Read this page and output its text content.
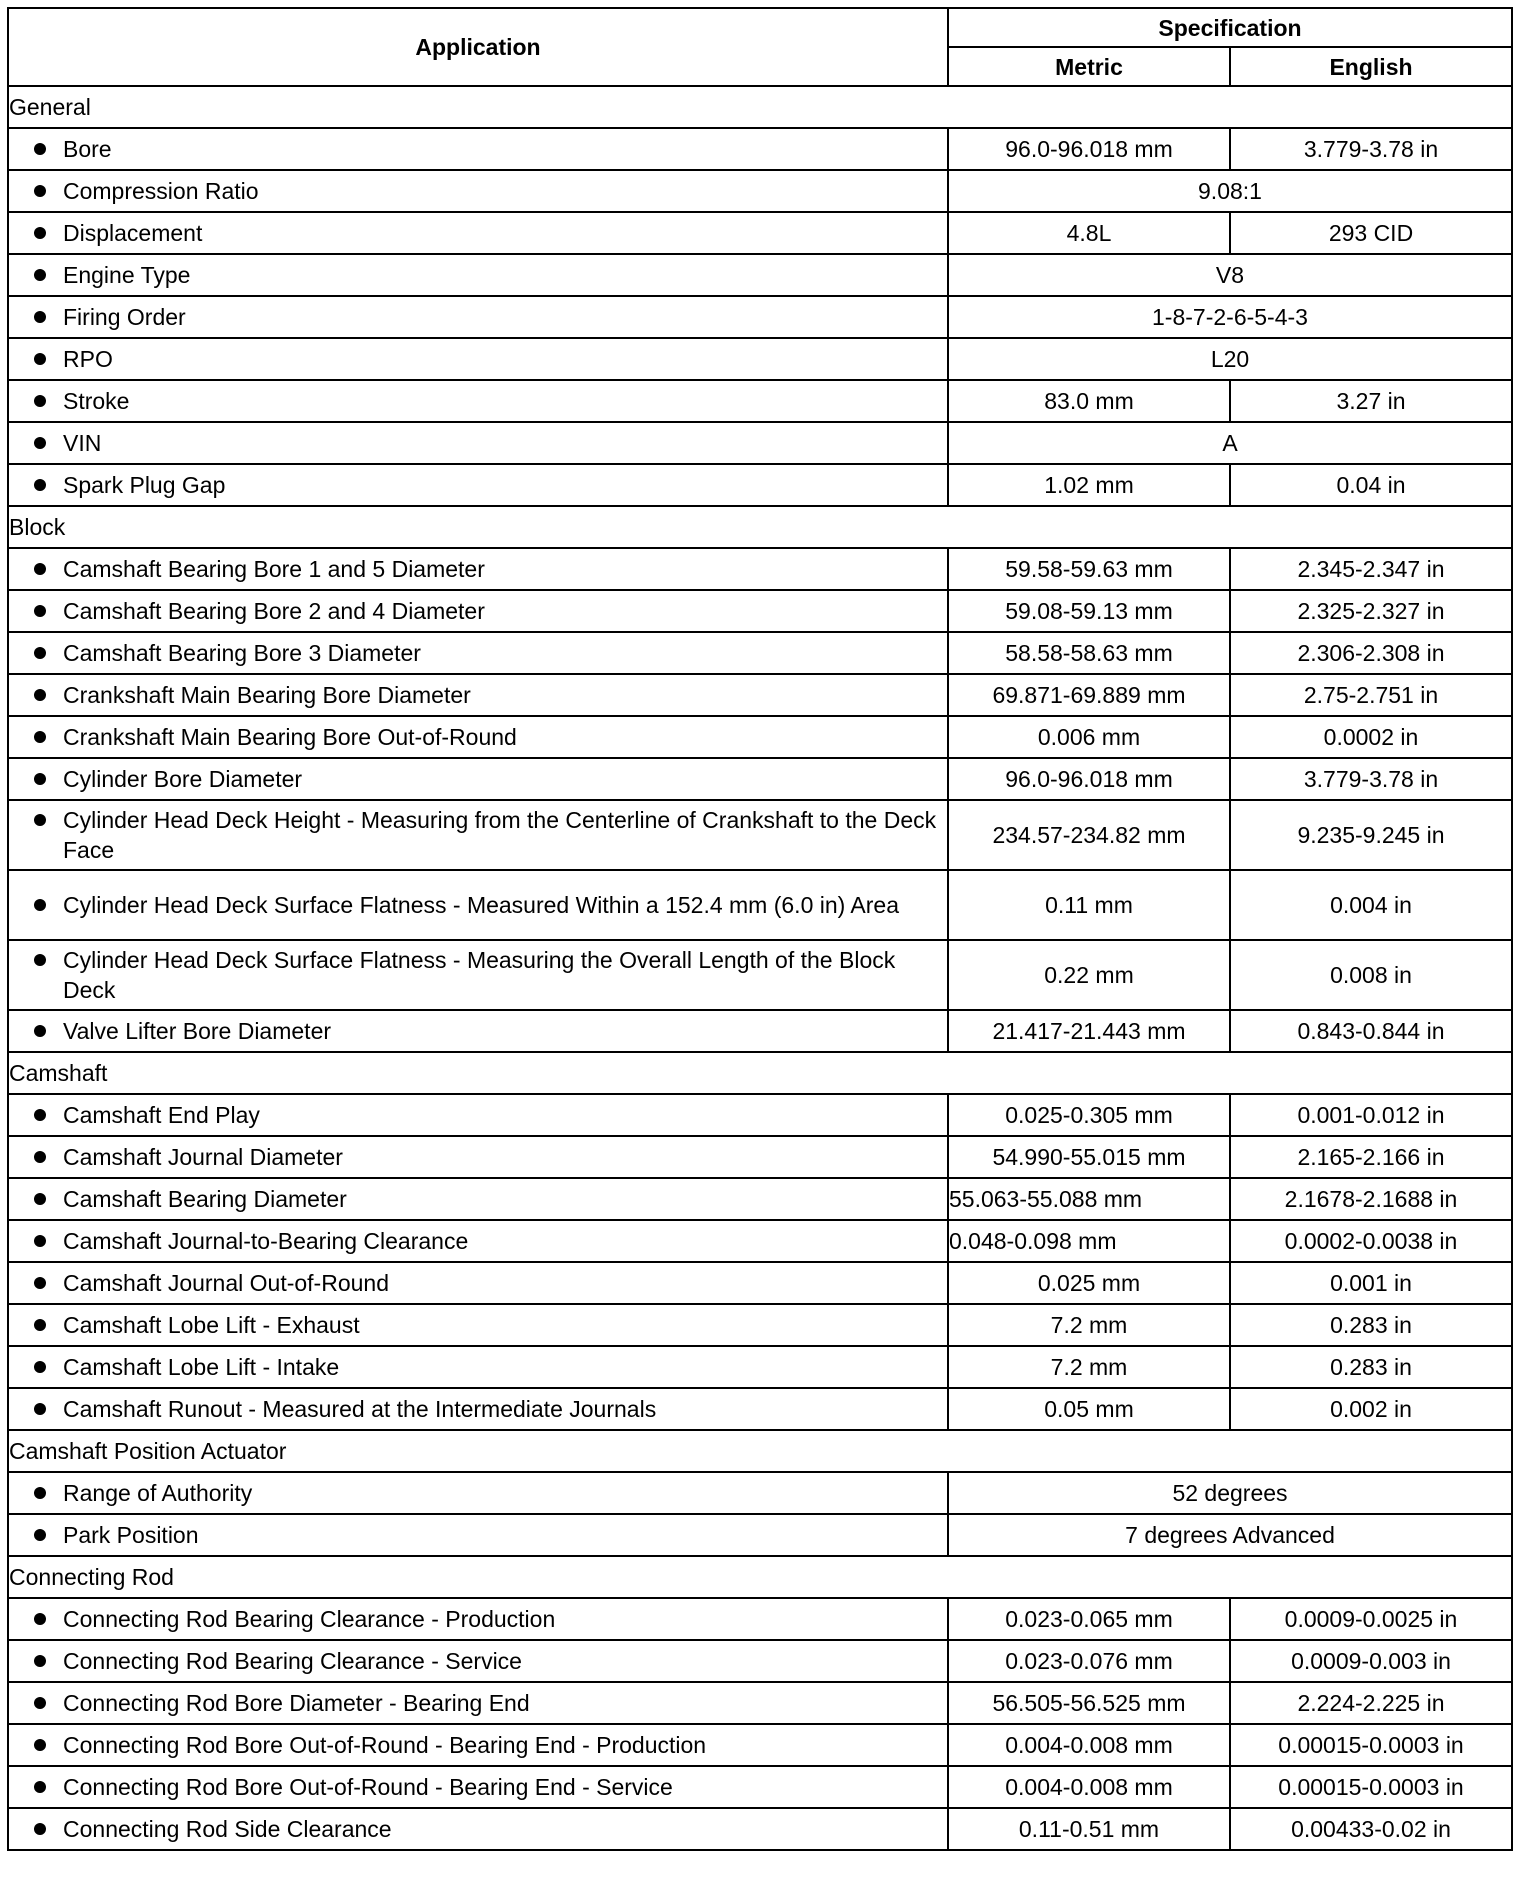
Application	Specification	
	Metric	English
General		

Bore	96.0-96.018 mm	3.779-3.78 in

Compression Ratio	9.08:1	

Displacement	4.8L	293 CID

Engine Type	V8	

Firing Order	1-8-7-2-6-5-4-3	

RPO	L20	

Stroke	83.0 mm	3.27 in

VIN	A	

Spark Plug Gap	1.02 mm	0.04 in
Block		

Camshaft Bearing Bore 1 and 5 Diameter	59.58-59.63 mm	2.345-2.347 in

Camshaft Bearing Bore 2 and 4 Diameter	59.08-59.13 mm	2.325-2.327 in

Camshaft Bearing Bore 3 Diameter	58.58-58.63 mm	2.306-2.308 in

Crankshaft Main Bearing Bore Diameter	69.871-69.889 mm	2.75-2.751 in

Crankshaft Main Bearing Bore Out-of-Round	0.006 mm	0.0002 in

Cylinder Bore Diameter	96.0-96.018 mm	3.779-3.78 in

Cylinder Head Deck Height - Measuring from the Centerline of Crankshaft to the Deck Face	234.57-234.82 mm	9.235-9.245 in

Cylinder Head Deck Surface Flatness - Measured Within a 152.4 mm (6.0 in) Area	0.11 mm	0.004 in

Cylinder Head Deck Surface Flatness - Measuring the Overall Length of the Block Deck	0.22 mm	0.008 in

Valve Lifter Bore Diameter	21.417-21.443 mm	0.843-0.844 in
Camshaft		

Camshaft End Play	0.025-0.305 mm	0.001-0.012 in

Camshaft Journal Diameter	54.990-55.015 mm	2.165-2.166 in

Camshaft Bearing Diameter	55.063-55.088 mm	2.1678-2.1688 in

Camshaft Journal-to-Bearing Clearance	0.048-0.098 mm	0.0002-0.0038 in

Camshaft Journal Out-of-Round	0.025 mm	0.001 in

Camshaft Lobe Lift - Exhaust	7.2 mm	0.283 in

Camshaft Lobe Lift - Intake	7.2 mm	0.283 in

Camshaft Runout - Measured at the Intermediate Journals	0.05 mm	0.002 in
Camshaft Position Actuator		

Range of Authority	52 degrees	

Park Position	7 degrees Advanced	
Connecting Rod		

Connecting Rod Bearing Clearance - Production	0.023-0.065 mm	0.0009-0.0025 in

Connecting Rod Bearing Clearance - Service	0.023-0.076 mm	0.0009-0.003 in

Connecting Rod Bore Diameter - Bearing End	56.505-56.525 mm	2.224-2.225 in

Connecting Rod Bore Out-of-Round - Bearing End - Production	0.004-0.008 mm	0.00015-0.0003 in

Connecting Rod Bore Out-of-Round - Bearing End - Service	0.004-0.008 mm	0.00015-0.0003 in

Connecting Rod Side Clearance	0.11-0.51 mm	0.00433-0.02 in
